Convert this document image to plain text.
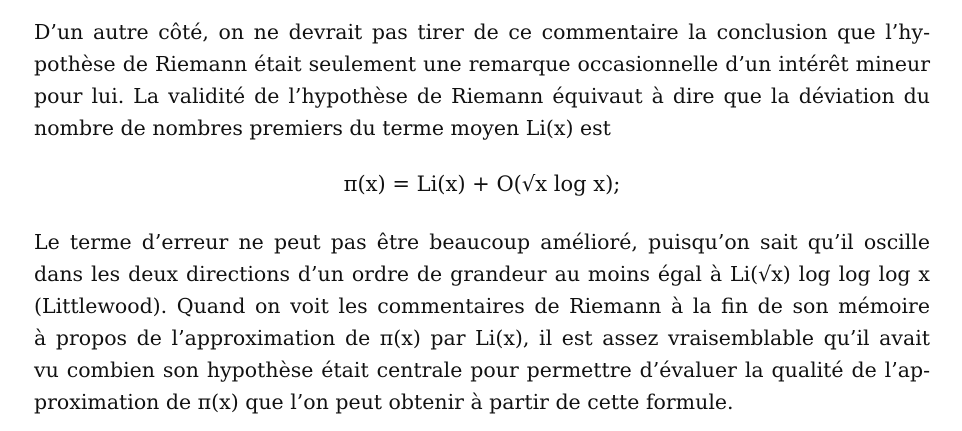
D’un autre côté, on ne devrait pas tirer de ce commentaire la conclusion que l’hy-
pothèse de Riemann était seulement une remarque occasionnelle d’un intérêt mineur
pour lui. La validité de l’hypothèse de Riemann équivaut à dire que la déviation du
nombre de nombres premiers du terme moyen Li(x) est

π(x) = Li(x) + O(√x log x);

Le terme d’erreur ne peut pas être beaucoup amélioré, puisqu’on sait qu’il oscille
dans les deux directions d’un ordre de grandeur au moins égal à Li(√x) log log log x
(Littlewood). Quand on voit les commentaires de Riemann à la fin de son mémoire
à propos de l’approximation de π(x) par Li(x), il est assez vraisemblable qu’il avait
vu combien son hypothèse était centrale pour permettre d’évaluer la qualité de l’ap-
proximation de π(x) que l’on peut obtenir à partir de cette formule.
